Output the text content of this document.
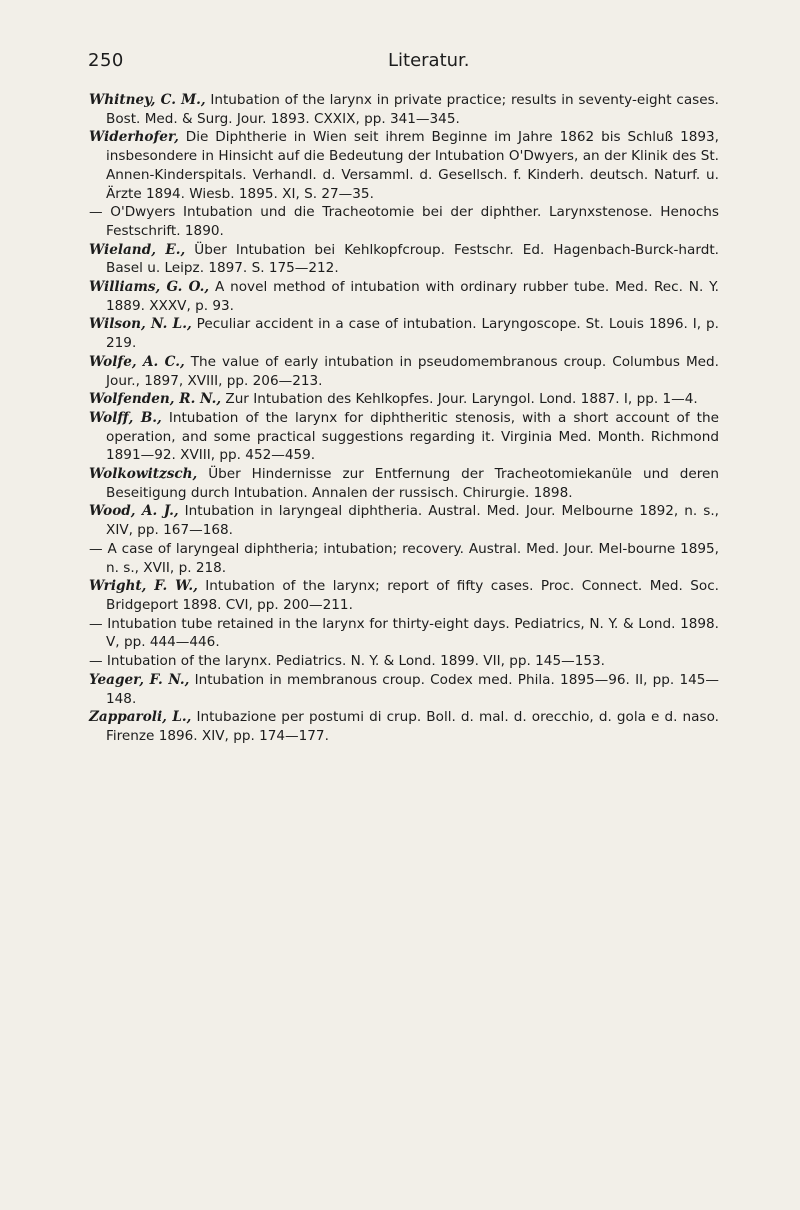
250	Literatur.
Whitney, C. M., Intubation of the larynx in private practice; results in seventy-eight cases. Bost. Med. & Surg. Jour. 1893. CXXIX, pp. 341—345.
Widerhofer, Die Diphtherie in Wien seit ihrem Beginne im Jahre 1862 bis Schluß 1893, insbesondere in Hinsicht auf die Bedeutung der Intubation O'Dwyers, an der Klinik des St. Annen-Kinderspitals. Verhandl. d. Versamml. d. Gesellsch. f. Kinderh. deutsch. Naturf. u. Ärzte 1894. Wiesb. 1895. XI, S. 27—35.
— O'Dwyers Intubation und die Tracheotomie bei der diphther. Larynxstenose. Henochs Festschrift. 1890.
Wieland, E., Über Intubation bei Kehlkopfcroup. Festschr. Ed. Hagenbach-Burck-hardt. Basel u. Leipz. 1897. S. 175—212.
Williams, G. O., A novel method of intubation with ordinary rubber tube. Med. Rec. N. Y. 1889. XXXV, p. 93.
Wilson, N. L., Peculiar accident in a case of intubation. Laryngoscope. St. Louis 1896. I, p. 219.
Wolfe, A. C., The value of early intubation in pseudomembranous croup. Columbus Med. Jour., 1897, XVIII, pp. 206—213.
Wolfenden, R. N., Zur Intubation des Kehlkopfes. Jour. Laryngol. Lond. 1887. I, pp. 1—4.
Wolff, B., Intubation of the larynx for diphtheritic stenosis, with a short account of the operation, and some practical suggestions regarding it. Virginia Med. Month. Richmond 1891—92. XVIII, pp. 452—459.
Wolkowitzsch, Über Hindernisse zur Entfernung der Tracheotomiekanüle und deren Beseitigung durch Intubation. Annalen der russisch. Chirurgie. 1898.
Wood, A. J., Intubation in laryngeal diphtheria. Austral. Med. Jour. Melbourne 1892, n. s., XIV, pp. 167—168.
— A case of laryngeal diphtheria; intubation; recovery. Austral. Med. Jour. Mel-bourne 1895, n. s., XVII, p. 218.
Wright, F. W., Intubation of the larynx; report of fifty cases. Proc. Connect. Med. Soc. Bridgeport 1898. CVI, pp. 200—211.
— Intubation tube retained in the larynx for thirty-eight days. Pediatrics, N. Y. & Lond. 1898. V, pp. 444—446.
— Intubation of the larynx. Pediatrics. N. Y. & Lond. 1899. VII, pp. 145—153.
Yeager, F. N., Intubation in membranous croup. Codex med. Phila. 1895—96. II, pp. 145—148.
Zapparoli, L., Intubazione per postumi di crup. Boll. d. mal. d. orecchio, d. gola e d. naso. Firenze 1896. XIV, pp. 174—177.
